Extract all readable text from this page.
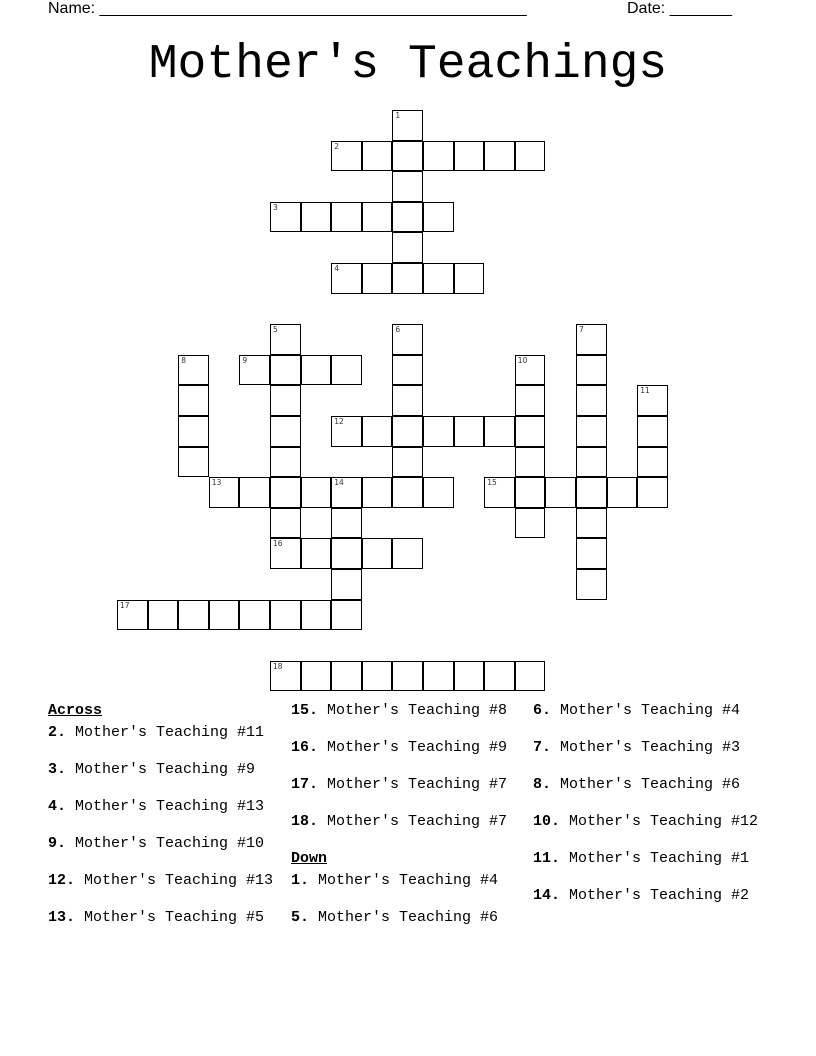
Name: ________________________________________________	Date: _______
Mother's Teachings
1
2
3
4
5
16
6	7
8	9	10
11
12
13	14	15
17
18
Across
2. Mother's Teaching #11
3. Mother's Teaching #9
4. Mother's Teaching #13
9. Mother's Teaching #10
12. Mother's Teaching #13
13. Mother's Teaching #5
15. Mother's Teaching #8
16. Mother's Teaching #9
17. Mother's Teaching #7
18. Mother's Teaching #7
Down
1. Mother's Teaching #4
5. Mother's Teaching #6
6. Mother's Teaching #4
7. Mother's Teaching #3
8. Mother's Teaching #6
10. Mother's Teaching #12
11. Mother's Teaching #1
14. Mother's Teaching #2
